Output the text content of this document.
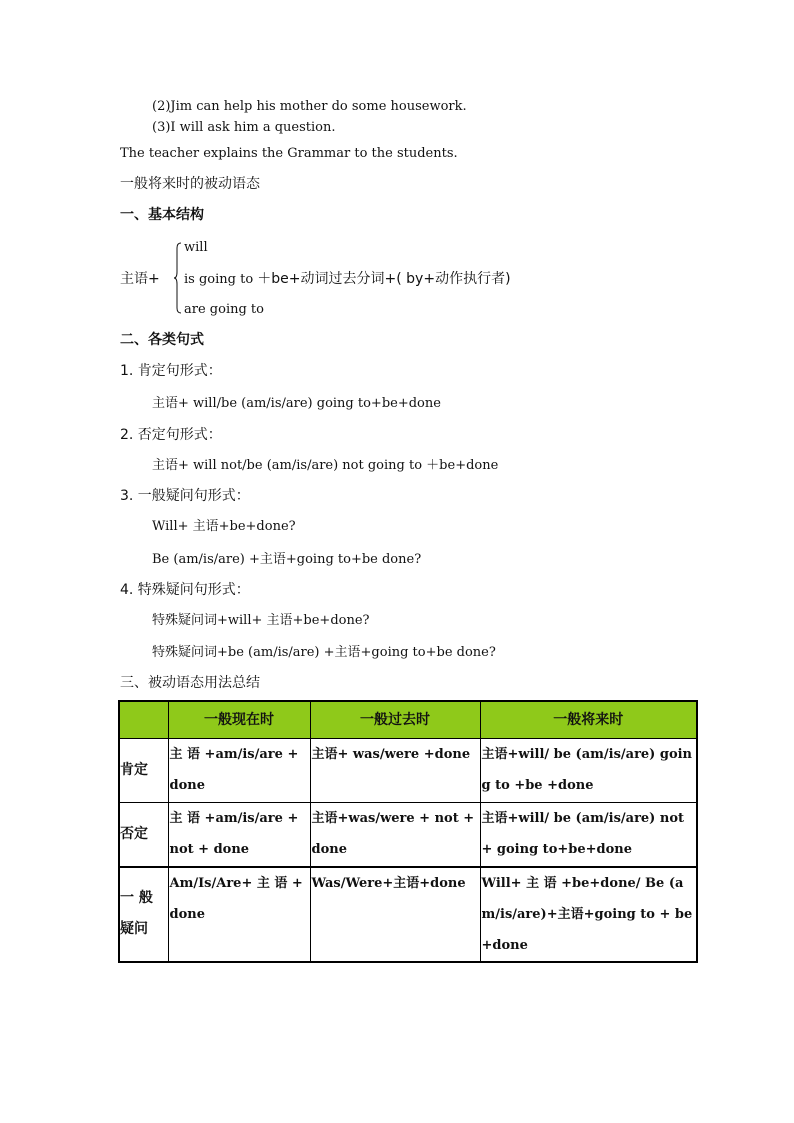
(2)Jim can help his mother do some housework.
(3)I will ask him a question.
The teacher explains the Grammar to the students.
一般将来时的被动语态
一、基本结构
will
主语+ is going to ＋be+动词过去分词+( by+动作执行者)
are going to
二、各类句式
1. 肯定句形式：
主语+ will/be (am/is/are) going to+be+done
2. 否定句形式：
主语+ will not/be (am/is/are) not going to ＋be+done
3. 一般疑问句形式：
Will+ 主语+be+done?
Be (am/is/are) +主语+going to+be done?
4. 特殊疑问句形式：
特殊疑问词+will+ 主语+be+done?
特殊疑问词+be (am/is/are) +主语+going to+be done?
三、被动语态用法总结
	一般现在时	一般过去时	一般将来时
肯定	主 语 +am/is/are + done	主语+ was/were +done	主语+will/ be (am/is/are) going to +be +done

否定	主 语 +am/is/are + not + done	主语+was/were + not + done	主语+will/ be (am/is/are) not + going to+be+done

一 般 疑问	Am/Is/Are+ 主 语 +done	Was/Were+主语+done	Will+ 主 语 +be+done/ Be (am/is/are)+主语+going to + be +done
